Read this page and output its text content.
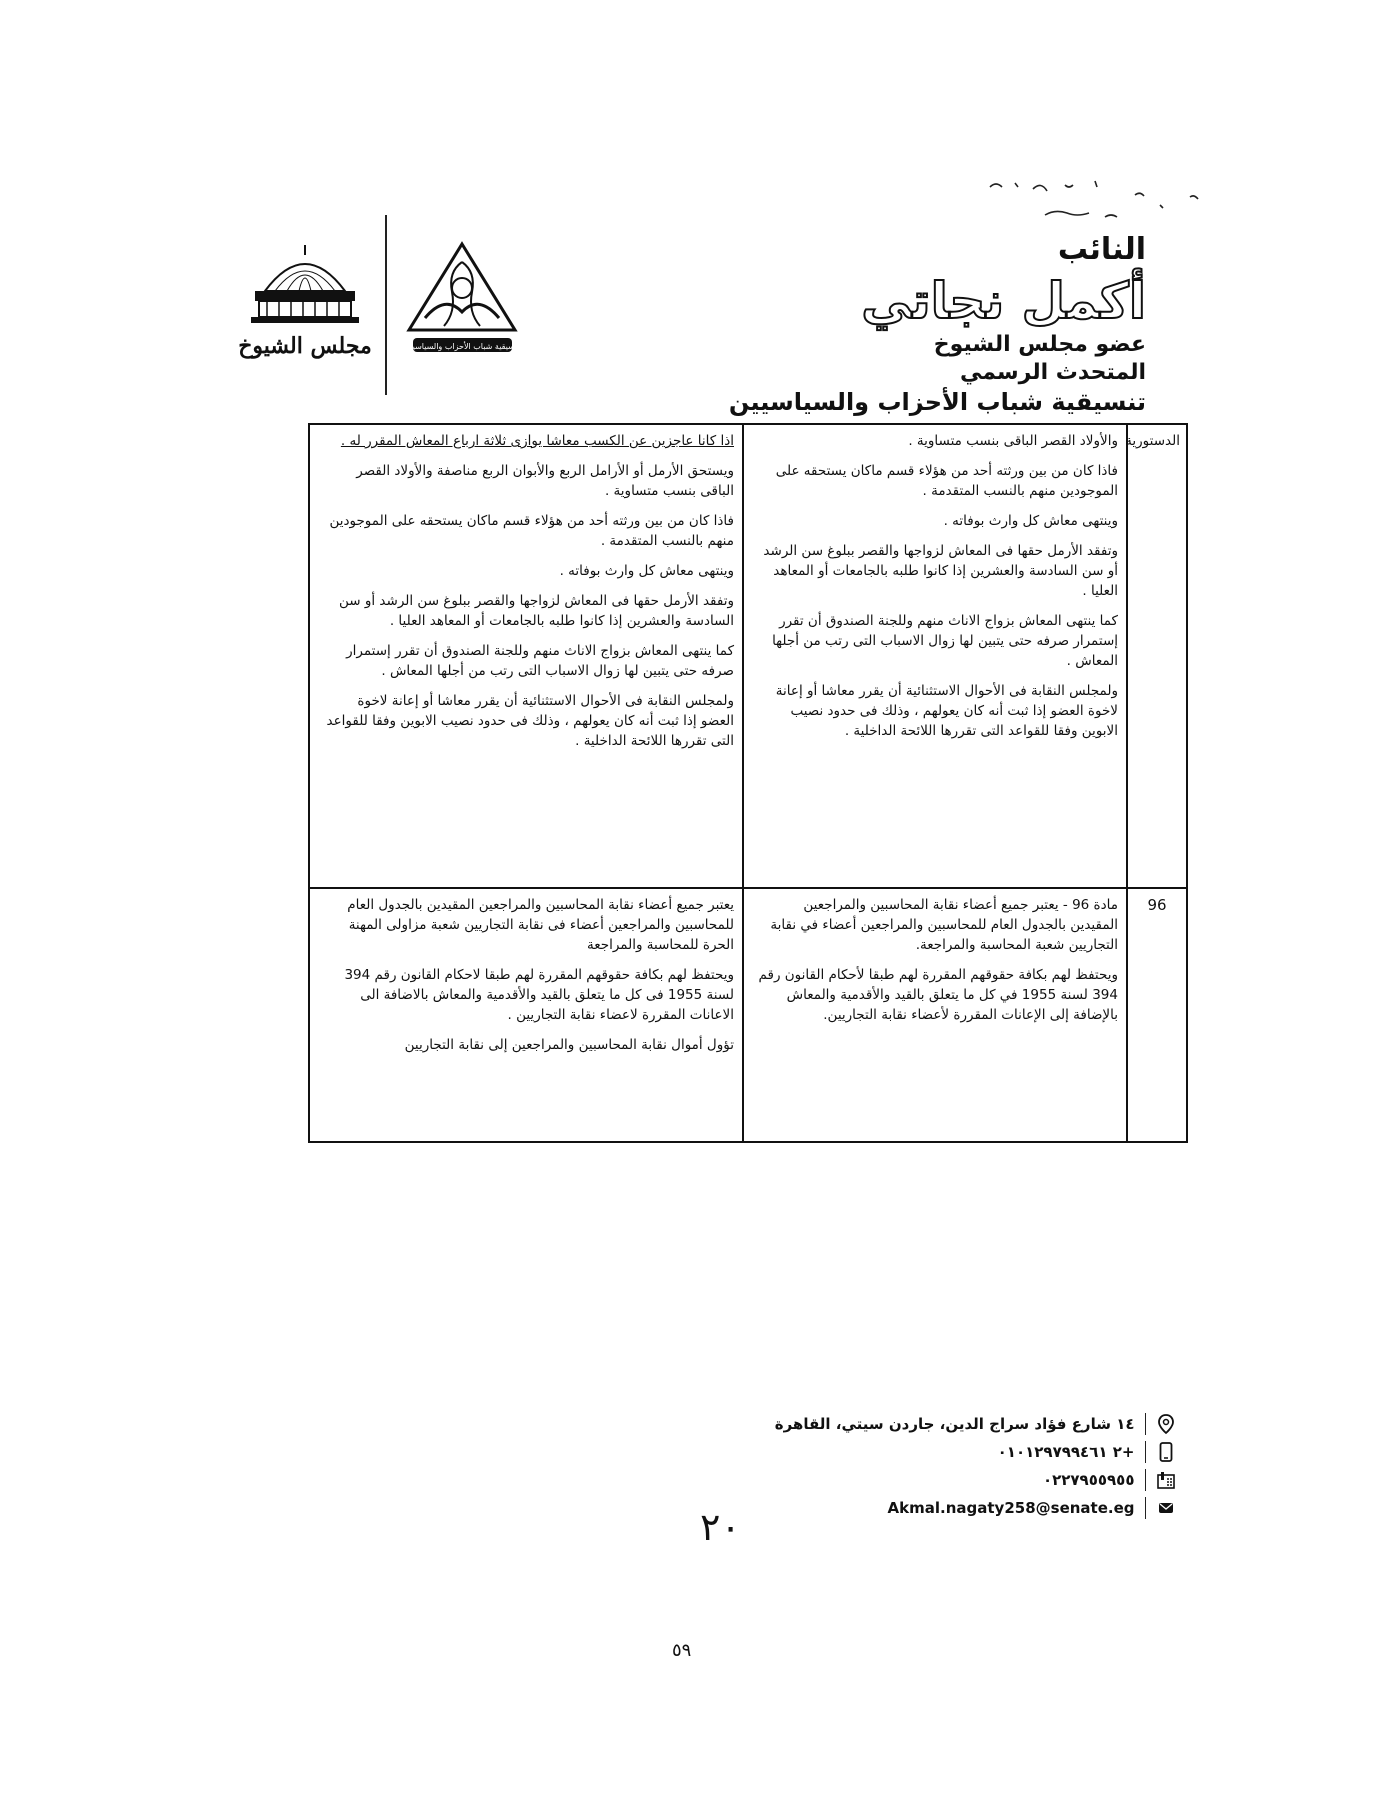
النائب
أكمل نجاتي
عضو مجلس الشيوخ
المتحدث الرسمي
تنسيقية شباب الأحزاب والسياسيين
تنسيقية شباب الأحزاب والسياسيين
مجلس الشيوخ
الدستورية

والأولاد القصر الباقى بنسب متساوية .

فاذا كان من بين ورثته أحد من هؤلاء قسم ماكان يستحقه على الموجودين منهم بالنسب المتقدمة .

وينتهى معاش كل وارث بوفاته .

وتفقد الأرمل حقها فى المعاش لزواجها والقصر ببلوغ سن الرشد أو سن السادسة والعشرين إذا كانوا طلبه بالجامعات أو المعاهد العليا .

كما ينتهى المعاش بزواج الاناث منهم وللجنة الصندوق أن تقرر إستمرار صرفه حتى يتبين لها زوال الاسباب التى رتب من أجلها المعاش .

ولمجلس النقابة فى الأحوال الاستثنائية أن يقرر معاشا أو إعانة لاخوة العضو إذا ثبت أنه كان يعولهم ، وذلك فى حدود نصيب الابوين وفقا للقواعد التى تقررها اللائحة الداخلية .

اذا كانا عاجزين عن الكسب معاشا يوازى ثلاثة ارباع المعاش المقرر له .

ويستحق الأرمل أو الأرامل الربع والأبوان الربع مناصفة والأولاد القصر الباقى بنسب متساوية .

فاذا كان من بين ورثته أحد من هؤلاء قسم ماكان يستحقه على الموجودين منهم بالنسب المتقدمة .

وينتهى معاش كل وارث بوفاته .

وتفقد الأرمل حقها فى المعاش لزواجها والقصر ببلوغ سن الرشد أو سن السادسة والعشرين إذا كانوا طلبه بالجامعات أو المعاهد العليا .

كما ينتهى المعاش بزواج الاناث منهم وللجنة الصندوق أن تقرر إستمرار صرفه حتى يتبين لها زوال الاسباب التى رتب من أجلها المعاش .

ولمجلس النقابة فى الأحوال الاستثنائية أن يقرر معاشا أو إعانة لاخوة العضو إذا ثبت أنه كان يعولهم ، وذلك فى حدود نصيب الابوين وفقا للقواعد التى تقررها اللائحة الداخلية .

96

مادة 96 - يعتبر جميع أعضاء نقابة المحاسبين والمراجعين المقيدين بالجدول العام للمحاسبين والمراجعين أعضاء في نقابة التجاريين شعبة المحاسبة والمراجعة.

ويحتفظ لهم بكافة حقوقهم المقررة لهم طبقا لأحكام القانون رقم 394 لسنة 1955 في كل ما يتعلق بالقيد والأقدمية والمعاش بالإضافة إلى الإعانات المقررة لأعضاء نقابة التجاريين.

يعتبر جميع أعضاء نقابة المحاسبين والمراجعين المقيدين بالجدول العام للمحاسبين والمراجعين أعضاء فى نقابة التجاريين شعبة مزاولى المهنة الحرة للمحاسبة والمراجعة

ويحتفظ لهم بكافة حقوقهم المقررة لهم طبقا لاحكام القانون رقم 394 لسنة 1955 فى كل ما يتعلق بالقيد والأقدمية والمعاش بالاضافة الى الاعانات المقررة لاعضاء نقابة التجاريين .

تؤول أموال نقابة المحاسبين والمراجعين إلى نقابة التجاريين

١٤ شارع فؤاد سراج الدين، جاردن سيتي، القاهرة
+٢ ٠١٠١٢٩٧٩٩٤٦١
٠٢٢٧٩٥٥٩٥٥
Akmal.nagaty258@senate.eg
٢٠
٥٩
